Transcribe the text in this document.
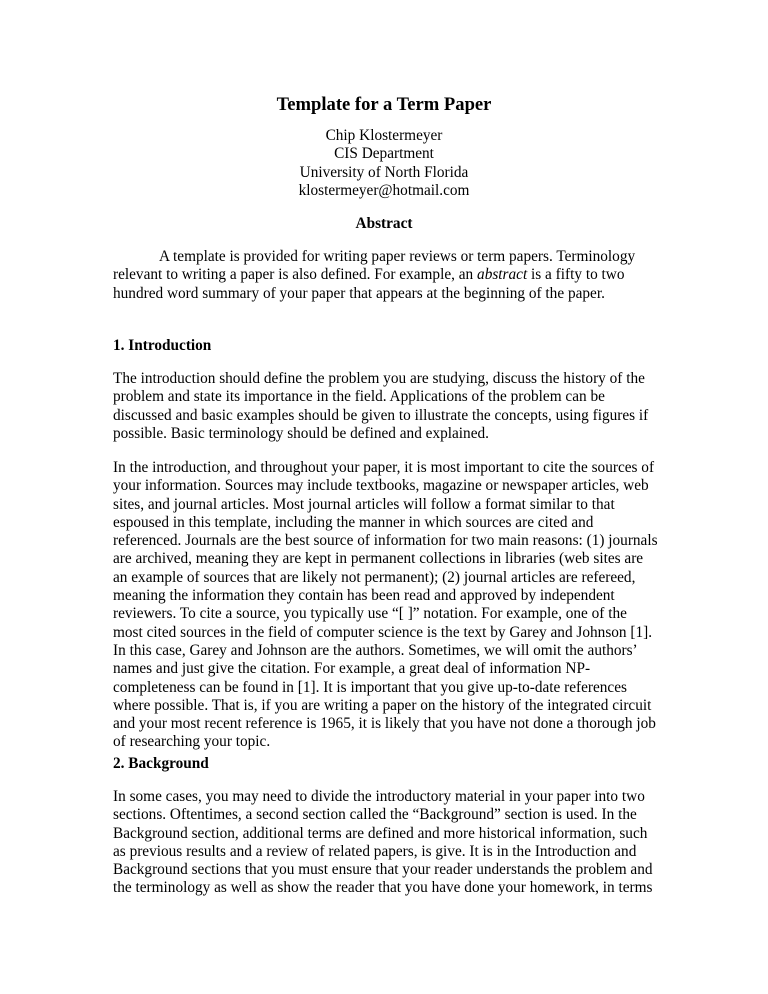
Template for a Term Paper
Chip Klostermeyer
CIS Department
University of North Florida
klostermeyer@hotmail.com
Abstract

A template is provided for writing paper reviews or term papers. Terminology relevant to writing a paper is also defined. For example, an abstract is a fifty to two hundred word summary of your paper that appears at the beginning of the paper.

1. Introduction

The introduction should define the problem you are studying, discuss the history of the problem and state its importance in the field. Applications of the problem can be discussed and basic examples should be given to illustrate the concepts, using figures if possible. Basic terminology should be defined and explained.

In the introduction, and throughout your paper, it is most important to cite the sources of your information. Sources may include textbooks, magazine or newspaper articles, web sites, and journal articles. Most journal articles will follow a format similar to that espoused in this template, including the manner in which sources are cited and referenced. Journals are the best source of information for two main reasons: (1) journals are archived, meaning they are kept in permanent collections in libraries (web sites are an example of sources that are likely not permanent); (2) journal articles are refereed, meaning the information they contain has been read and approved by independent reviewers. To cite a source, you typically use “[ ]” notation. For example, one of the most cited sources in the field of computer science is the text by Garey and Johnson [1]. In this case, Garey and Johnson are the authors. Sometimes, we will omit the authors’ names and just give the citation. For example, a great deal of information NP-completeness can be found in [1]. It is important that you give up-to-date references where possible. That is, if you are writing a paper on the history of the integrated circuit and your most recent reference is 1965, it is likely that you have not done a thorough job of researching your topic.

2. Background

In some cases, you may need to divide the introductory material in your paper into two sections. Oftentimes, a second section called the “Background” section is used. In the Background section, additional terms are defined and more historical information, such as previous results and a review of related papers, is give. It is in the Introduction and Background sections that you must ensure that your reader understands the problem and the terminology as well as show the reader that you have done your homework, in terms
